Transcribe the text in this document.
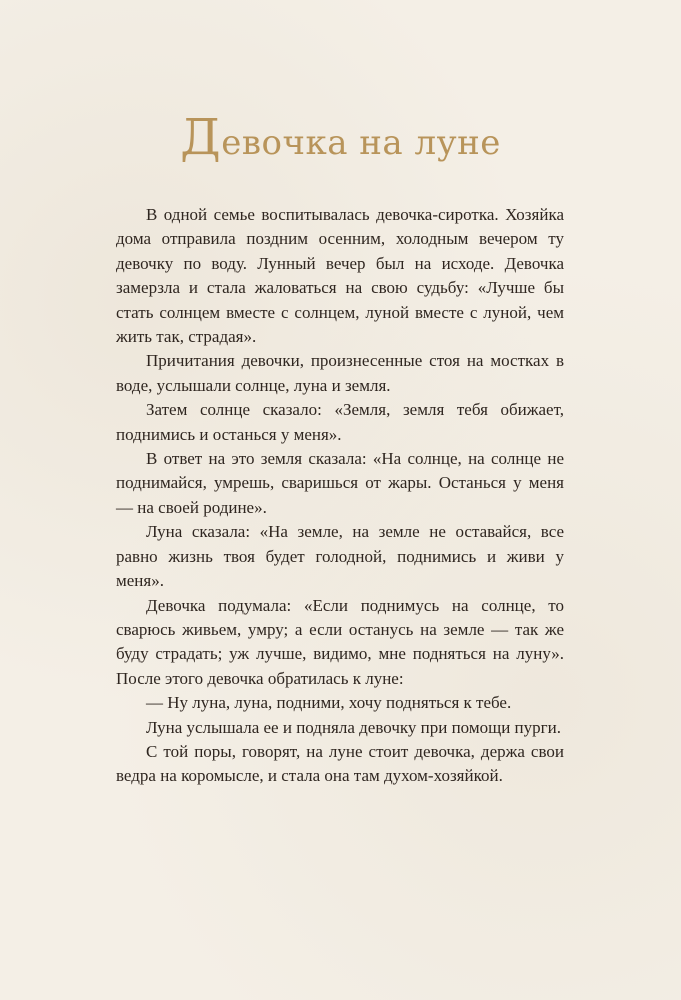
Девочка на луне

В одной семье воспитывалась девочка-сиротка. Хозяйка дома отправила поздним осенним, холодным вечером ту девочку по воду. Лунный вечер был на исходе. Девочка замерзла и стала жаловаться на свою судьбу: «Лучше бы стать солнцем вместе с солнцем, луной вместе с луной, чем жить так, страдая».

Причитания девочки, произнесенные стоя на мостках в воде, услышали солнце, луна и земля.

Затем солнце сказало: «Земля, земля тебя обижает, поднимись и останься у меня».

В ответ на это земля сказала: «На солнце, на солнце не поднимайся, умрешь, сваришься от жары. Останься у меня — на своей родине».

Луна сказала: «На земле, на земле не оставайся, все равно жизнь твоя будет голодной, поднимись и живи у меня».

Девочка подумала: «Если поднимусь на солнце, то сварюсь живьем, умру; а если останусь на земле — так же буду страдать; уж лучше, видимо, мне подняться на луну». После этого девочка обратилась к луне:

— Ну луна, луна, подними, хочу подняться к тебе.

Луна услышала ее и подняла девочку при помощи пурги.

С той поры, говорят, на луне стоит девочка, держа свои ведра на коромысле, и стала она там духом-хозяйкой.
